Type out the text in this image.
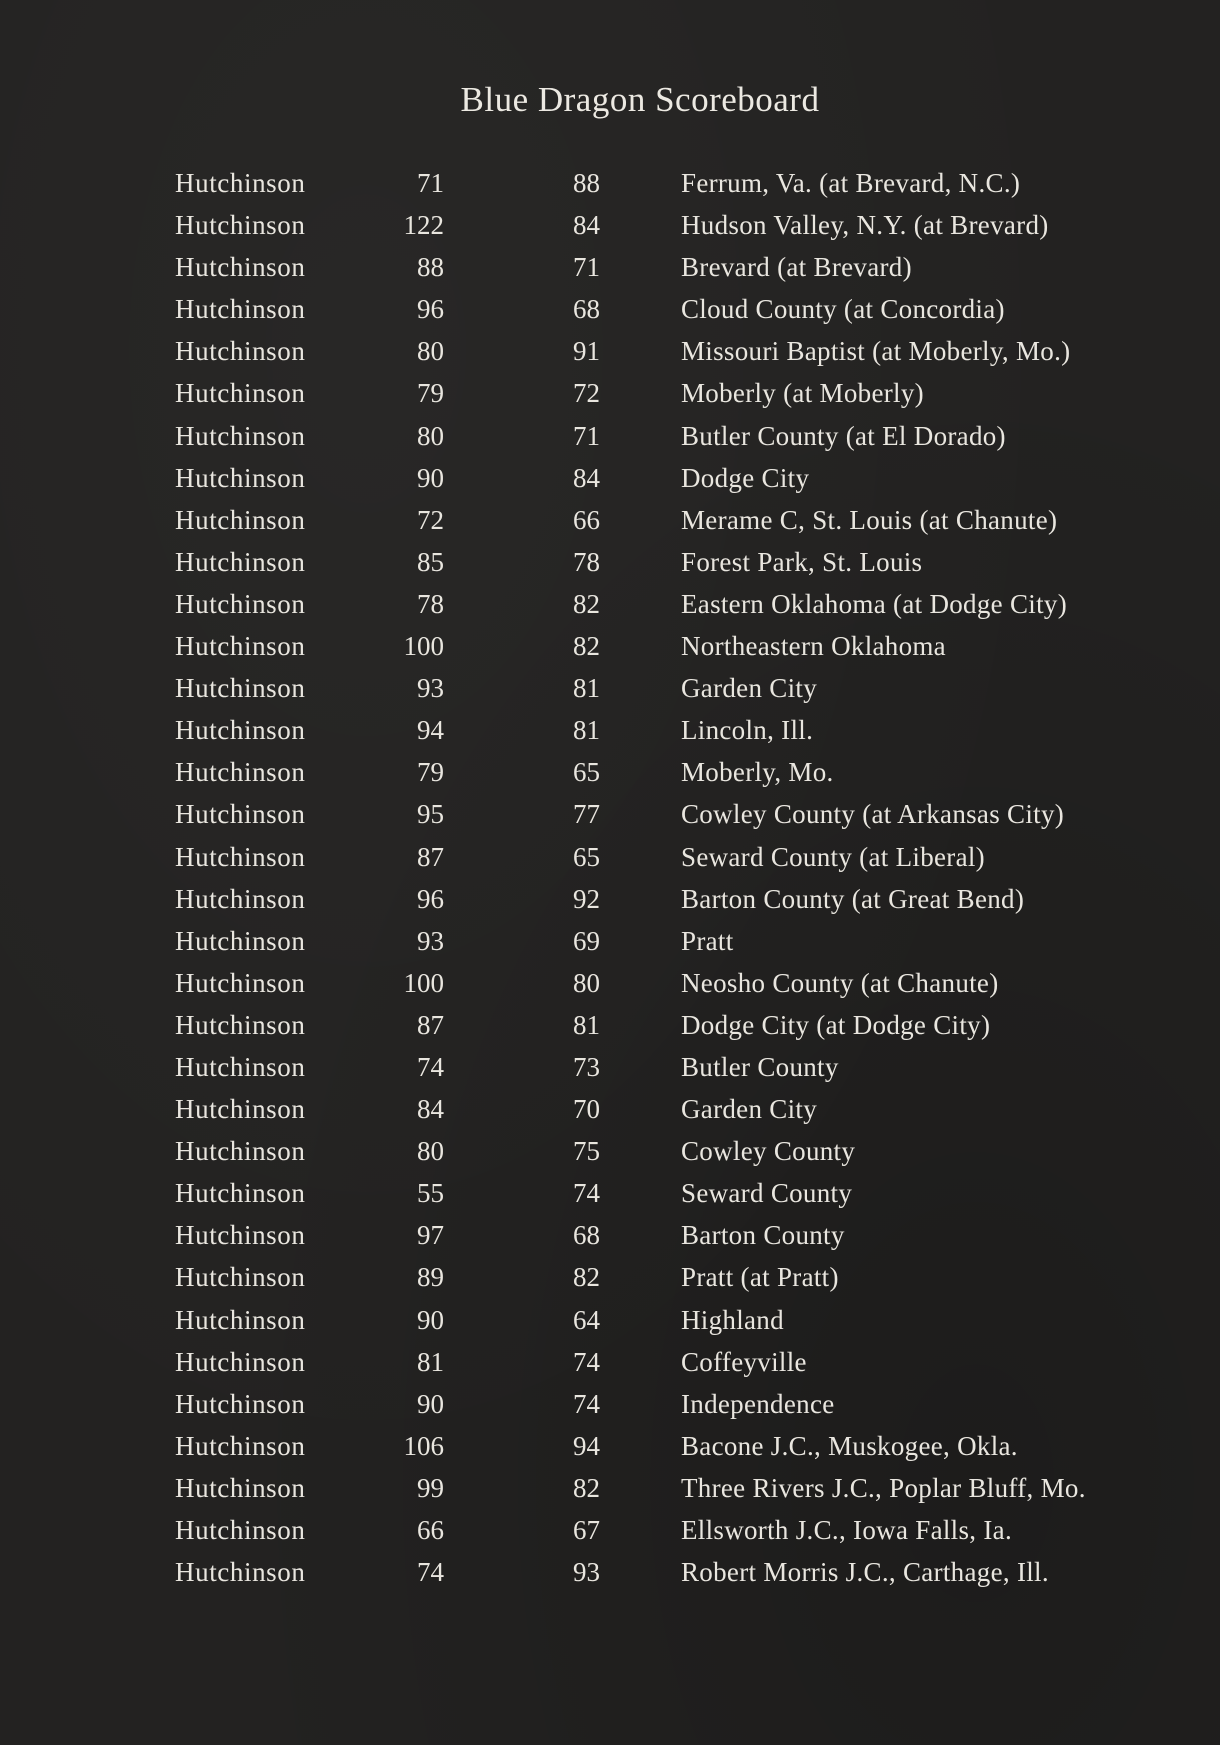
Blue Dragon Scoreboard
Hutchinson	71	88	Ferrum, Va. (at Brevard, N.C.)
Hutchinson	122	84	Hudson Valley, N.Y. (at Brevard)
Hutchinson	88	71	Brevard (at Brevard)
Hutchinson	96	68	Cloud County (at Concordia)
Hutchinson	80	91	Missouri Baptist (at Moberly, Mo.)
Hutchinson	79	72	Moberly (at Moberly)
Hutchinson	80	71	Butler County (at El Dorado)
Hutchinson	90	84	Dodge City
Hutchinson	72	66	Merame C, St. Louis (at Chanute)
Hutchinson	85	78	Forest Park, St. Louis
Hutchinson	78	82	Eastern Oklahoma (at Dodge City)
Hutchinson	100	82	Northeastern Oklahoma
Hutchinson	93	81	Garden City
Hutchinson	94	81	Lincoln, Ill.
Hutchinson	79	65	Moberly, Mo.
Hutchinson	95	77	Cowley County (at Arkansas City)
Hutchinson	87	65	Seward County (at Liberal)
Hutchinson	96	92	Barton County (at Great Bend)
Hutchinson	93	69	Pratt
Hutchinson	100	80	Neosho County (at Chanute)
Hutchinson	87	81	Dodge City (at Dodge City)
Hutchinson	74	73	Butler County
Hutchinson	84	70	Garden City
Hutchinson	80	75	Cowley County
Hutchinson	55	74	Seward County
Hutchinson	97	68	Barton County
Hutchinson	89	82	Pratt (at Pratt)
Hutchinson	90	64	Highland
Hutchinson	81	74	Coffeyville
Hutchinson	90	74	Independence
Hutchinson	106	94	Bacone J.C., Muskogee, Okla.
Hutchinson	99	82	Three Rivers J.C., Poplar Bluff, Mo.
Hutchinson	66	67	Ellsworth J.C., Iowa Falls, Ia.
Hutchinson	74	93	Robert Morris J.C., Carthage, Ill.
